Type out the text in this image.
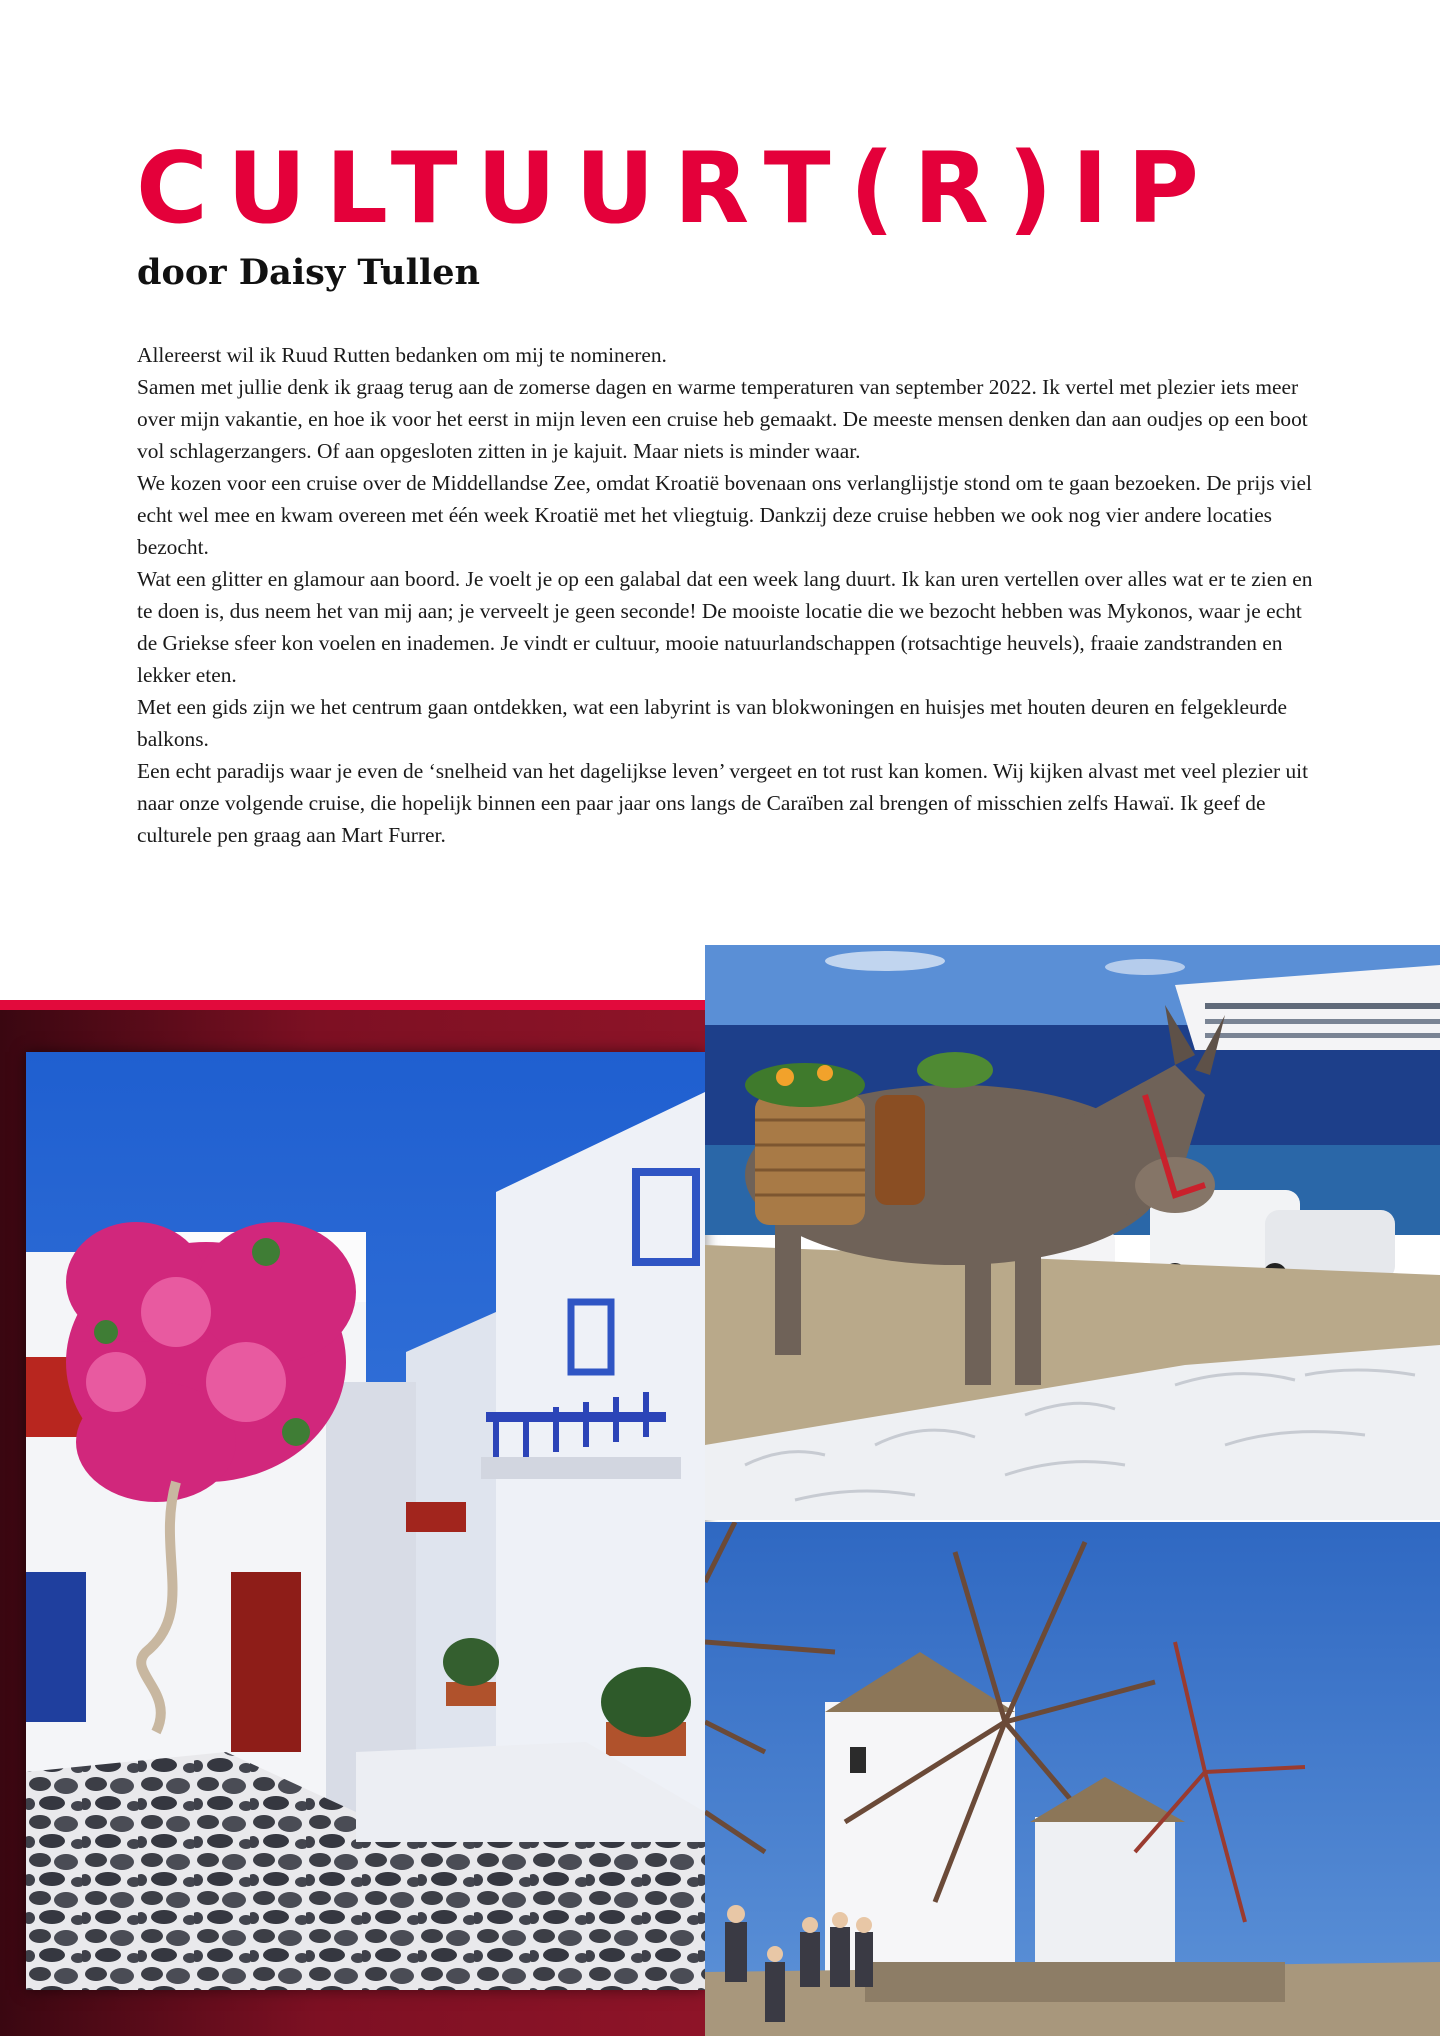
CULTUURT(R)IP
door Daisy Tullen

Allereerst wil ik Ruud Rutten bedanken om mij te nomineren.

Samen met jullie denk ik graag terug aan de zomerse dagen en warme temperaturen van september 2022. Ik vertel met plezier iets meer over mijn vakantie, en hoe ik voor het eerst in mijn leven een cruise heb gemaakt. De meeste mensen denken dan aan oudjes op een boot vol schlagerzangers. Of aan opgesloten zitten in je kajuit. Maar niets is minder waar.

We kozen voor een cruise over de Middellandse Zee, omdat Kroatië bovenaan ons verlanglijstje stond om te gaan bezoeken. De prijs viel echt wel mee en kwam overeen met één week Kroatië met het vliegtuig. Dankzij deze cruise hebben we ook nog vier andere locaties bezocht.

Wat een glitter en glamour aan boord. Je voelt je op een galabal dat een week lang duurt. Ik kan uren vertellen over alles wat er te zien en te doen is, dus neem het van mij aan; je verveelt je geen seconde! De mooiste locatie die we bezocht hebben was Mykonos, waar je echt de Griekse sfeer kon voelen en inademen. Je vindt er cultuur, mooie natuurlandschappen (rotsachtige heuvels), fraaie zandstranden en lekker eten.

Met een gids zijn we het centrum gaan ontdekken, wat een labyrint is van blokwoningen en huisjes met houten deuren en felgekleurde balkons.

Een echt paradijs waar je even de ‘snelheid van het dagelijkse leven’ vergeet en tot rust kan komen. Wij kijken alvast met veel plezier uit naar onze volgende cruise, die hopelijk binnen een paar jaar ons langs de Caraïben zal brengen of misschien zelfs Hawaï. Ik geef de culturele pen graag aan Mart Furrer.
